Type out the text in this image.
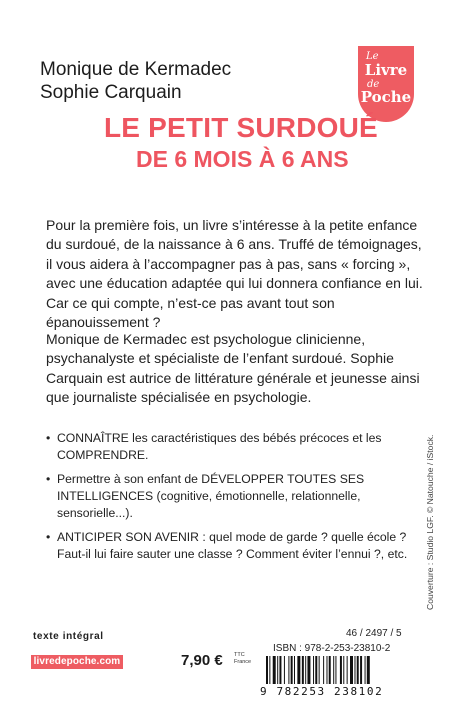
Monique de Kermadec
Sophie Carquain
Le
Livre
de
Poche
LE PETIT SURDOUÉ
DE 6 MOIS À 6 ANS
Pour la première fois, un livre s’intéresse à la petite enfance du surdoué, de la naissance à 6 ans. Truffé de témoignages, il vous aidera à l’accompagner pas à pas, sans « forcing », avec une éducation adaptée qui lui donnera confiance en lui. Car ce qui compte, n’est-ce pas avant tout son épanouissement ?
Monique de Kermadec est psychologue clinicienne, psychanalyste et spécialiste de l’enfant surdoué. Sophie Carquain est autrice de littérature générale et jeunesse ainsi que journaliste spécialisée en psychologie.
• CONNAÎTRE les caractéristiques des bébés précoces et les COMPRENDRE.
• Permettre à son enfant de DÉVELOPPER TOUTES SES INTELLIGENCES (cognitive, émotionnelle, relationnelle, sensorielle...).
• ANTICIPER SON AVENIR : quel mode de garde ? quelle école ? Faut-il lui faire sauter une classe ? Comment éviter l’ennui ?, etc.	Couverture : Studio LGF. © Natouche / iStock.
texte intégral
livredepoche.com	7,90 € TTC
France
46 / 2497 / 5
ISBN : 978-2-253-23810-2
9 782253 238102
